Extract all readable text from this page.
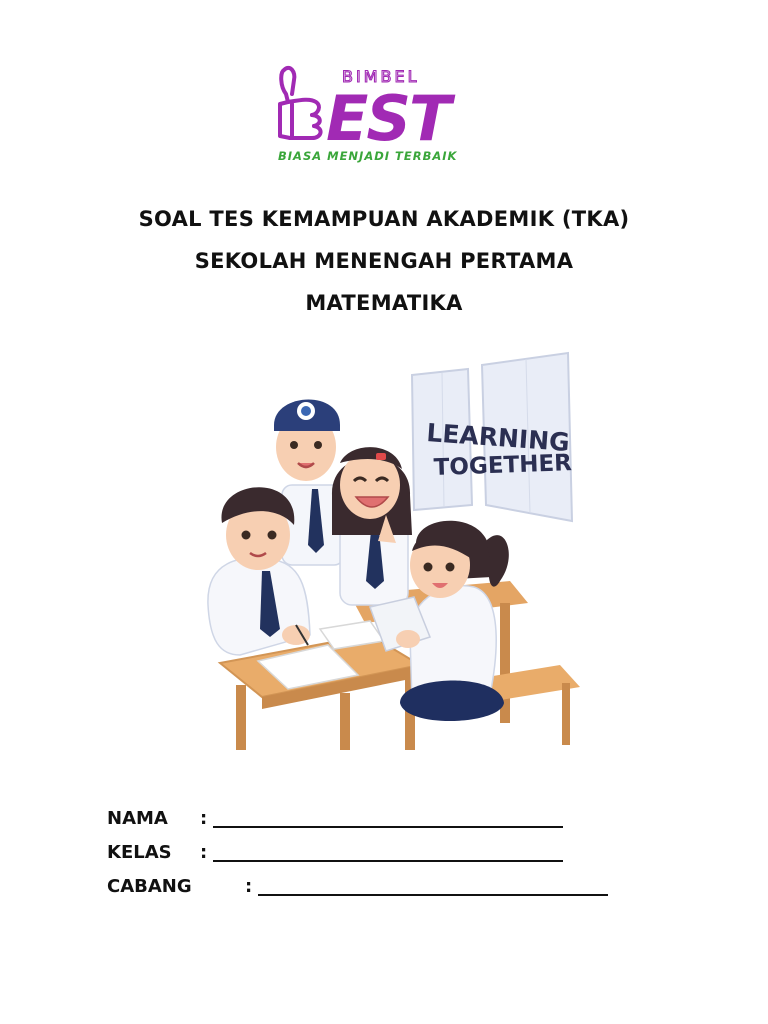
BIMBEL
EST
BIASA MENJADI TERBAIK

SOAL TES KEMAMPUAN AKADEMIK (TKA)

SEKOLAH MENENGAH PERTAMA

MATEMATIKA

LEARNING
TOGETHER
NAMA	:
KELAS	:
CABANG	:
